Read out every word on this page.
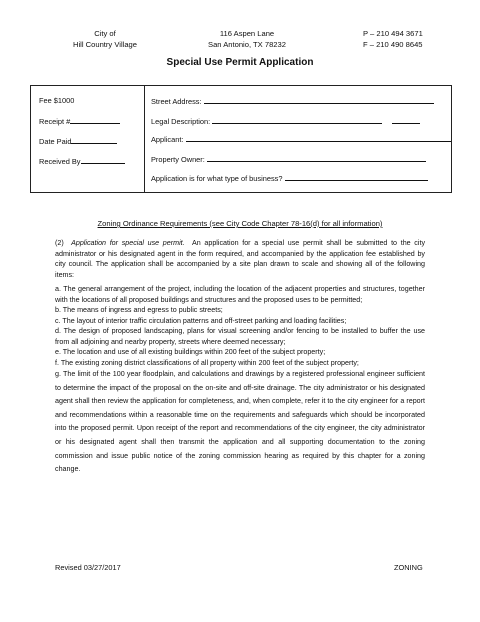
City of
Hill Country Village
116 Aspen Lane
San Antonio, TX 78232
P – 210 494 3671
F – 210 490 8645
Special Use Permit Application
Fee $1000
Receipt #
Date Paid
Received By
Street Address:
Legal Description:
Applicant:
Property Owner:
Application is for what type of business?
Zoning Ordinance Requirements (see City Code Chapter 78-16(d) for all information)

(2) Application for special use permit. An application for a special use permit shall be submitted to the city administrator or his designated agent in the form required, and accompanied by the application fee established by city council. The application shall be accompanied by a site plan drawn to scale and showing all of the following items:

a. The general arrangement of the project, including the location of the adjacent properties and structures, together with the locations of all proposed buildings and structures and the proposed uses to be permitted;

b. The means of ingress and egress to public streets;

c. The layout of interior traffic circulation patterns and off-street parking and loading facilities;

d. The design of proposed landscaping, plans for visual screening and/or fencing to be installed to buffer the use from all adjoining and nearby property, streets where deemed necessary;

e. The location and use of all existing buildings within 200 feet of the subject property;

f. The existing zoning district classifications of all property within 200 feet of the subject property;

g. The limit of the 100 year floodplain, and calculations and drawings by a registered professional engineer sufficient to determine the impact of the proposal on the on-site and off-site drainage. The city administrator or his designated agent shall then review the application for completeness, and, when complete, refer it to the city engineer for a report and recommendations within a reasonable time on the requirements and safeguards which should be incorporated into the proposed permit. Upon receipt of the report and recommendations of the city engineer, the city administrator or his designated agent shall then transmit the application and all supporting documentation to the zoning commission and issue public notice of the zoning commission hearing as required by this chapter for a zoning change.

Revised 03/27/2017	ZONING
